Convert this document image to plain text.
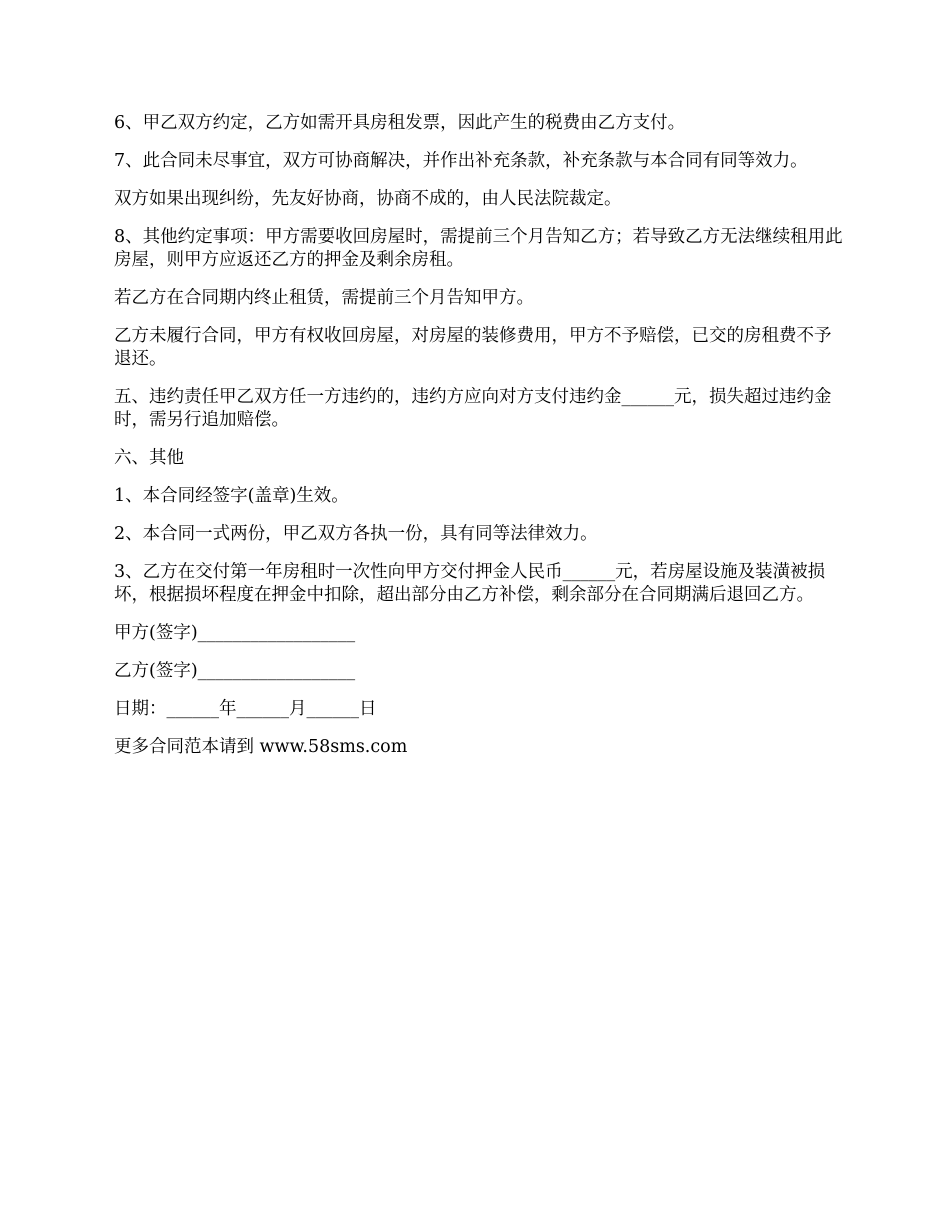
6、甲乙双方约定，乙方如需开具房租发票，因此产生的税费由乙方支付。

7、此合同未尽事宜，双方可协商解决，并作出补充条款，补充条款与本合同有同等效力。

双方如果出现纠纷，先友好协商，协商不成的，由人民法院裁定。

8、其他约定事项：甲方需要收回房屋时，需提前三个月告知乙方；若导致乙方无法继续租用此房屋，则甲方应返还乙方的押金及剩余房租。

若乙方在合同期内终止租赁，需提前三个月告知甲方。

乙方未履行合同，甲方有权收回房屋，对房屋的装修费用，甲方不予赔偿，已交的房租费不予退还。

五、违约责任甲乙双方任一方违约的，违约方应向对方支付违约金______元，损失超过违约金时，需另行追加赔偿。

六、其他

1、本合同经签字(盖章)生效。

2、本合同一式两份，甲乙双方各执一份，具有同等法律效力。

3、乙方在交付第一年房租时一次性向甲方交付押金人民币______元，若房屋设施及装潢被损坏，根据损坏程度在押金中扣除，超出部分由乙方补偿，剩余部分在合同期满后退回乙方。

甲方(签字)__________________

乙方(签字)__________________

日期：______年______月______日

更多合同范本请到 www.58sms.com
